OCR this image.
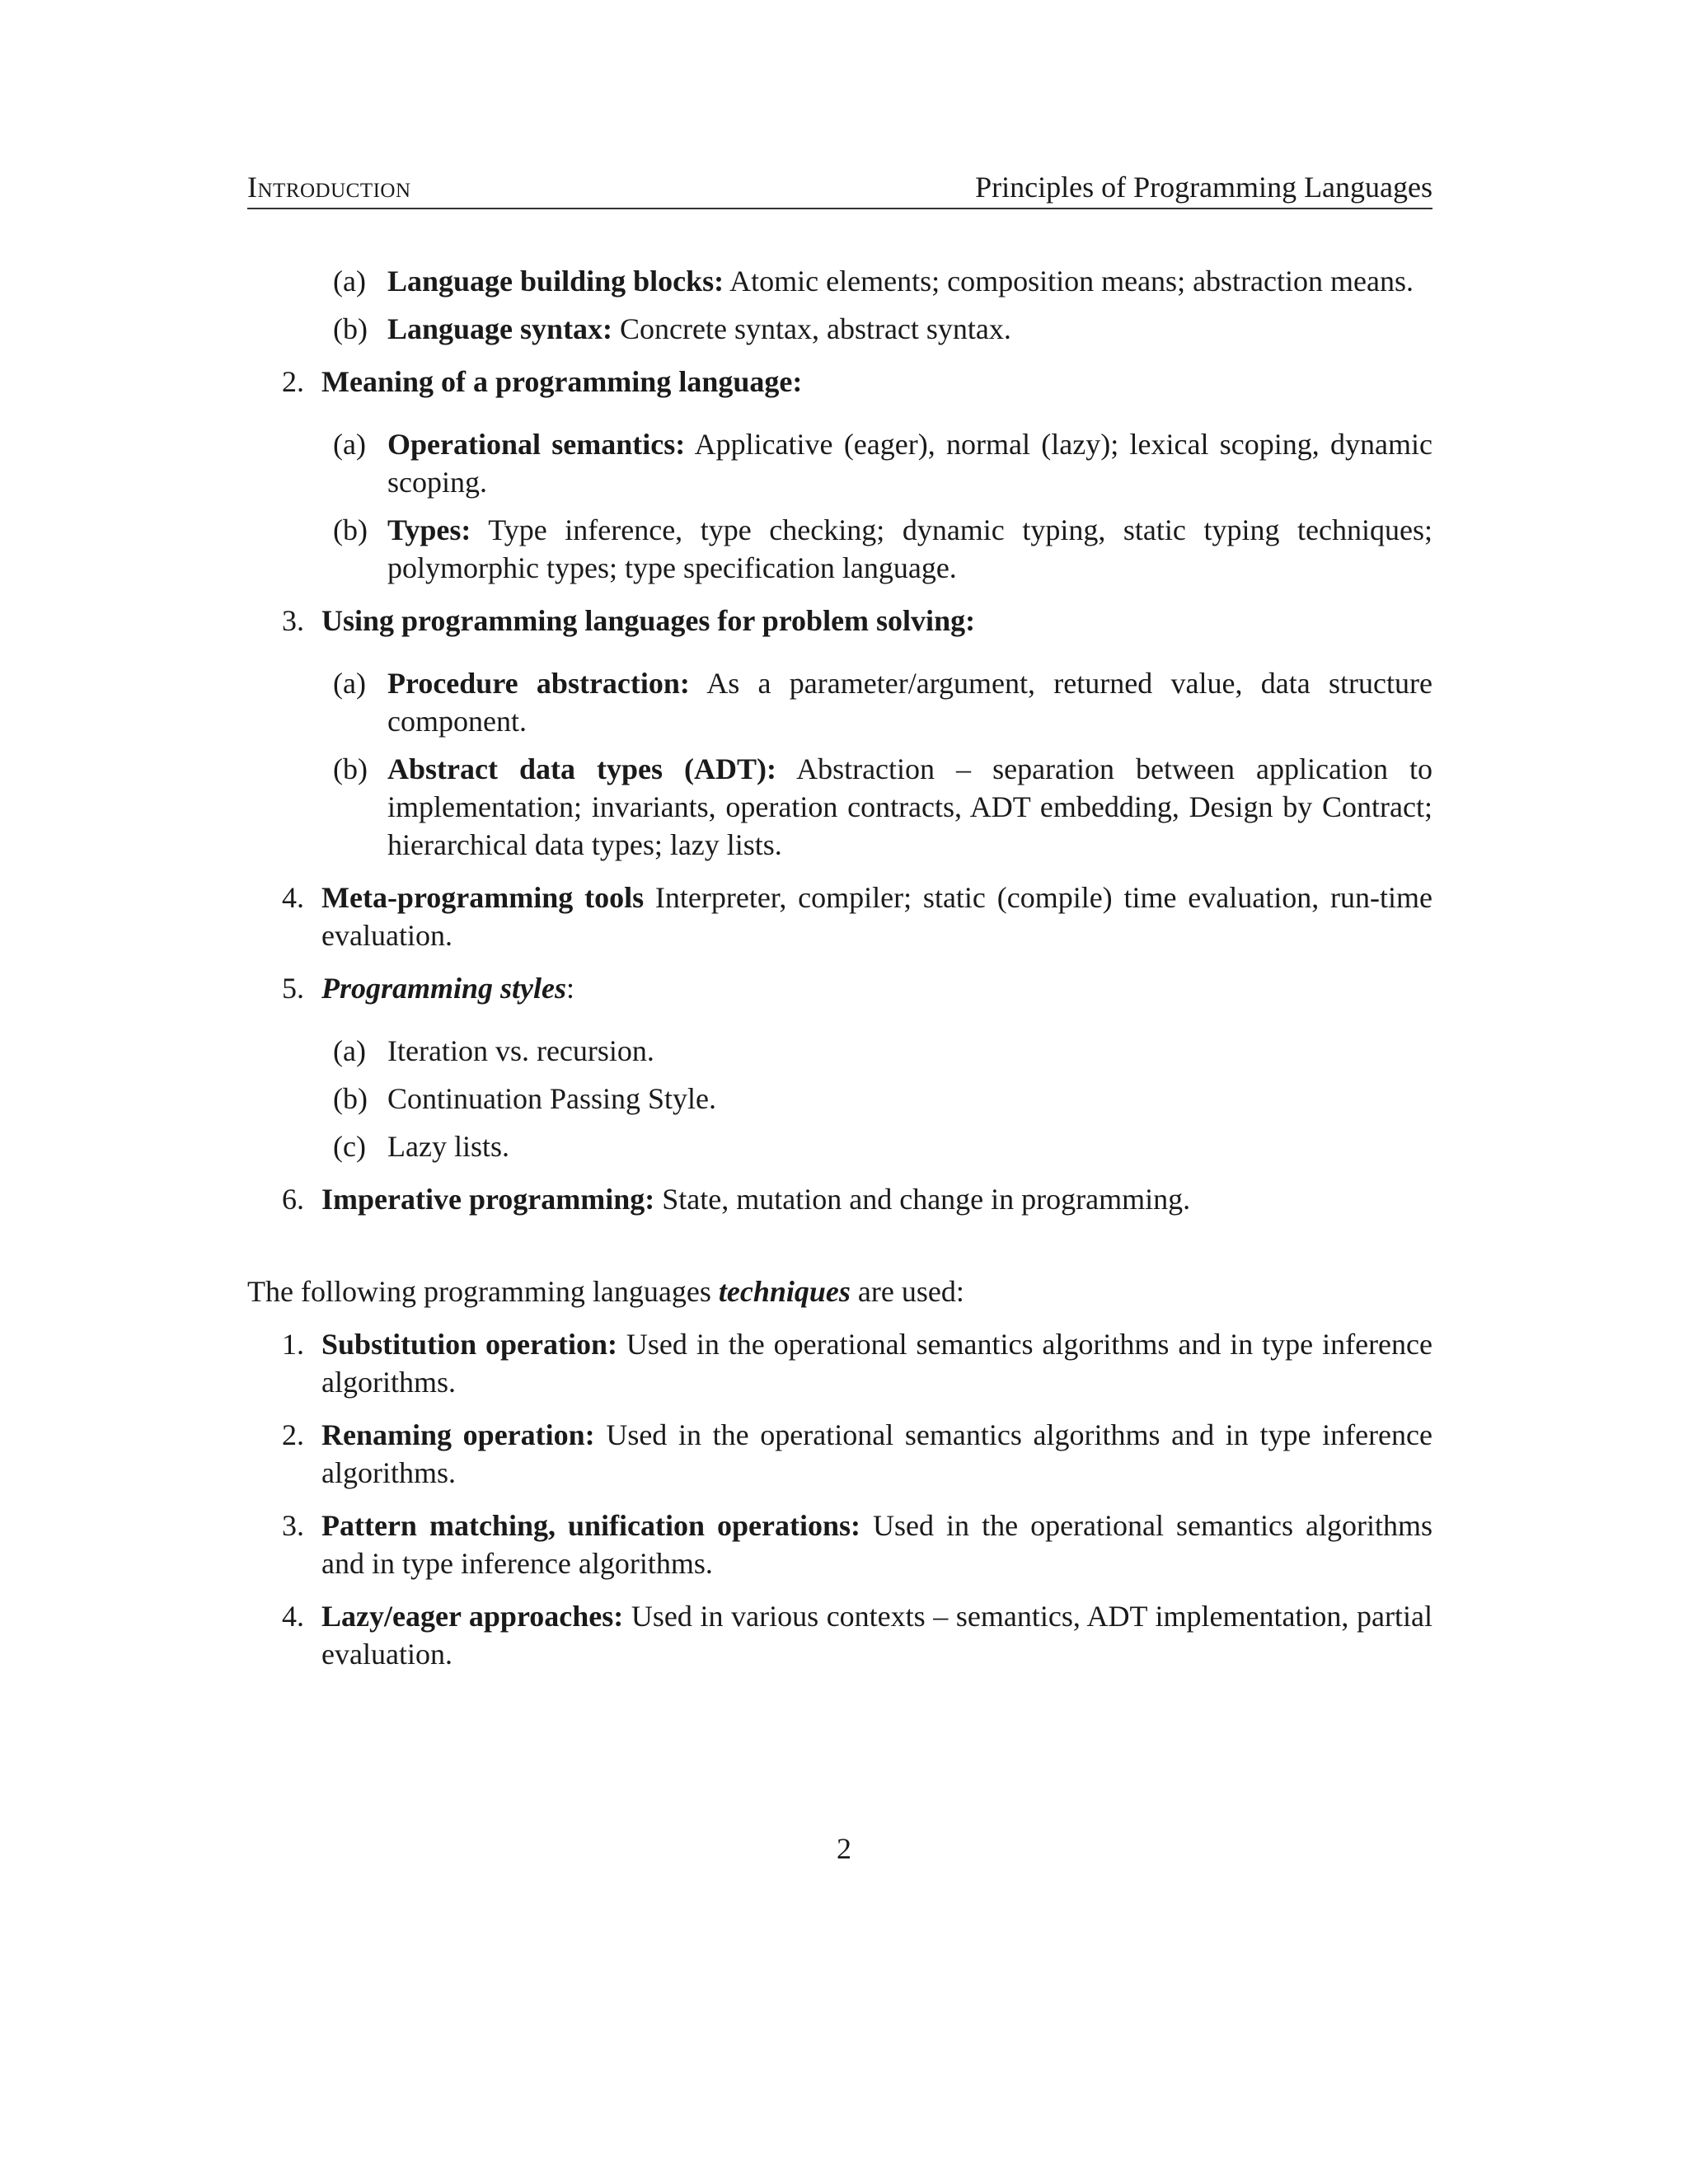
Introduction	Principles of Programming Languages
(a) Language building blocks: Atomic elements; composition means; abstraction means.
(b) Language syntax: Concrete syntax, abstract syntax.
2. Meaning of a programming language:
(a) Operational semantics: Applicative (eager), normal (lazy); lexical scoping, dynamic scoping.
(b) Types: Type inference, type checking; dynamic typing, static typing techniques; polymorphic types; type specification language.
3. Using programming languages for problem solving:
(a) Procedure abstraction: As a parameter/argument, returned value, data structure component.
(b) Abstract data types (ADT): Abstraction – separation between application to implementation; invariants, operation contracts, ADT embedding, Design by Contract; hierarchical data types; lazy lists.
4. Meta-programming tools Interpreter, compiler; static (compile) time evaluation, run-time evaluation.
5. Programming styles:
(a) Iteration vs. recursion.
(b) Continuation Passing Style.
(c) Lazy lists.
6. Imperative programming: State, mutation and change in programming.

The following programming languages techniques are used:

1. Substitution operation: Used in the operational semantics algorithms and in type inference algorithms.
2. Renaming operation: Used in the operational semantics algorithms and in type inference algorithms.
3. Pattern matching, unification operations: Used in the operational semantics algorithms and in type inference algorithms.
4. Lazy/eager approaches: Used in various contexts – semantics, ADT implementation, partial evaluation.
2
